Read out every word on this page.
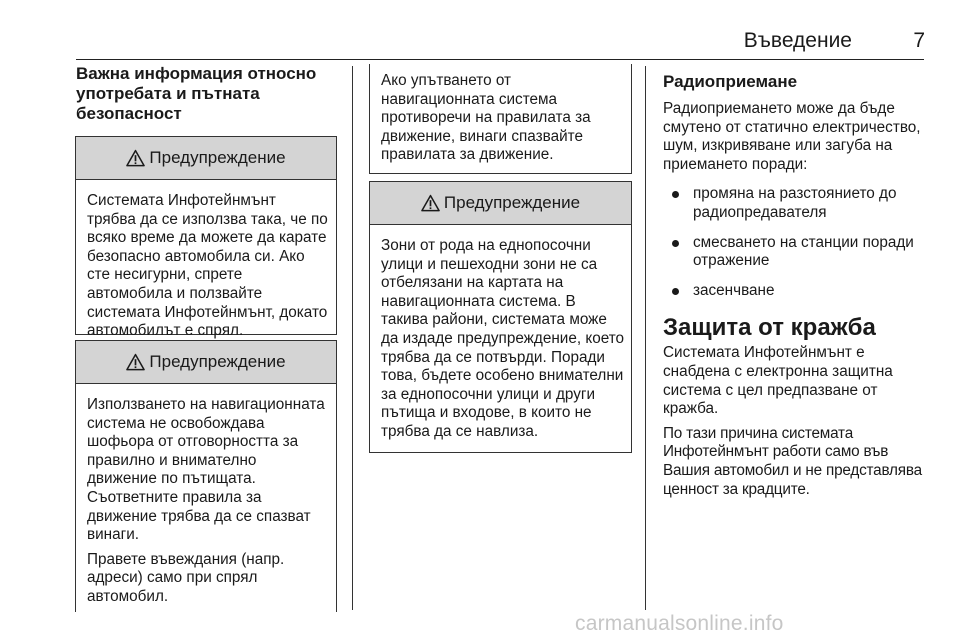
Въведение	7
Важна информация относно употребата и пътната безопасност
Предупреждение
Системата Инфотейнмънт трябва да се използва така, че по всяко време да можете да карате безопасно автомобила си. Ако сте несигурни, спрете автомобила и ползвайте системата Инфотейнмънт, докато автомобилът е спрял.
Предупреждение

Използването на навигационната система не освобождава шофьора от отговорността за правилно и внимателно движение по пътищата. Съответните правила за движение трябва да се спазват винаги.

Правете въвеждания (напр. адреси) само при спрял автомобил.

Ако упътването от навигационната система противоречи на правилата за движение, винаги спазвайте правилата за движение.
Предупреждение
Зони от рода на еднопосочни улици и пешеходни зони не са отбелязани на картата на навигационната система. В такива райони, системата може да издаде предупреждение, което трябва да се потвърди. Поради това, бъдете особено внимателни за еднопосочни улици и други пътища и входове, в които не трябва да се навлиза.
Радиоприемане
Радиоприемането може да бъде смутено от статично електричество, шум, изкривяване или загуба на приемането поради:
промяна на разстоянието до радиопредавателя
смесването на станции поради отражение
засенчване
Защита от кражба
Системата Инфотейнмънт е снабдена с електронна защитна система с цел предпазване от кражба.
По тази причина системата Инфотейнмънт работи само във Вашия автомобил и не представлява ценност за крадците.
carmanualsonline.info
